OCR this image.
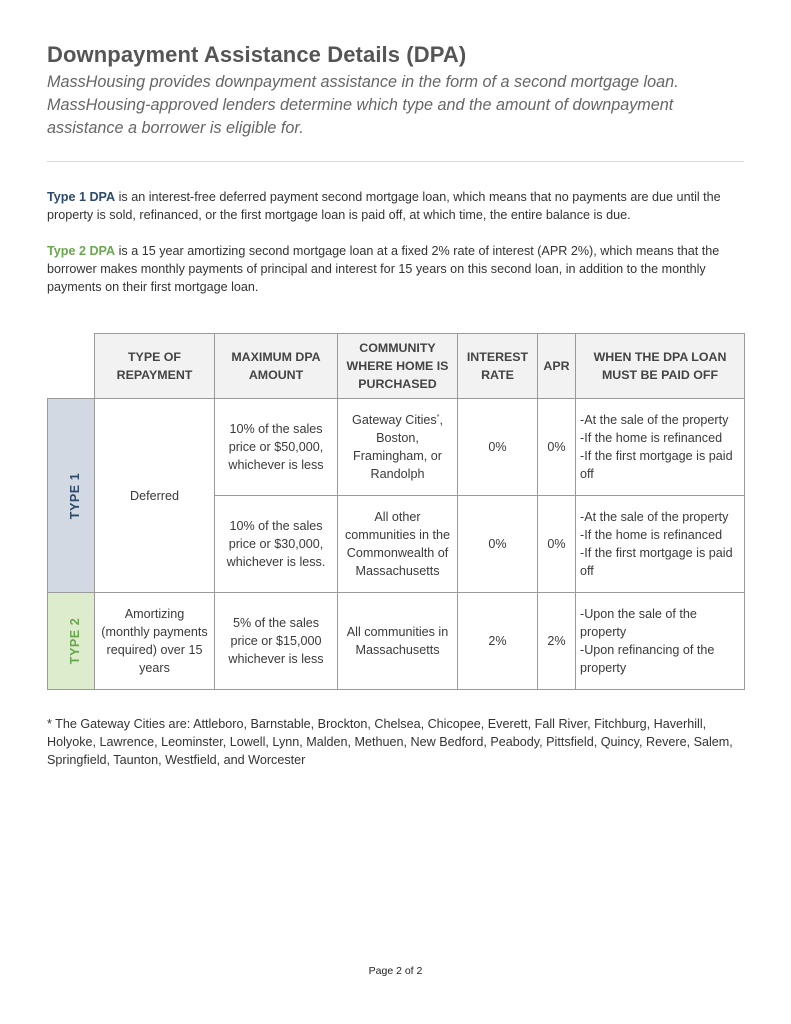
Downpayment Assistance Details (DPA)
MassHousing provides downpayment assistance in the form of a second mortgage loan. MassHousing-approved lenders determine which type and the amount of downpayment assistance a borrower is eligible for.
Type 1 DPA is an interest-free deferred payment second mortgage loan, which means that no payments are due until the property is sold, refinanced, or the first mortgage loan is paid off, at which time, the entire balance is due.
Type 2 DPA is a 15 year amortizing second mortgage loan at a fixed 2% rate of interest (APR 2%), which means that the borrower makes monthly payments of principal and interest for 15 years on this second loan, in addition to the monthly payments on their first mortgage loan.
	TYPE OF REPAYMENT	MAXIMUM DPA AMOUNT	COMMUNITY WHERE HOME IS PURCHASED	INTEREST RATE	APR	WHEN THE DPA LOAN MUST BE PAID OFF
TYPE 1	Deferred	10% of the sales price or $50,000, whichever is less	Gateway Cities*, Boston, Framingham, or Randolph	0%	0%	-At the sale of the property
-If the home is refinanced
-If the first mortgage is paid off

		10% of the sales price or $30,000, whichever is less.	All other communities in the Commonwealth of Massachusetts	0%	0%	-At the sale of the property
-If the home is refinanced
-If the first mortgage is paid off

TYPE 2	Amortizing (monthly payments required) over 15 years	5% of the sales price or $15,000 whichever is less	All communities in Massachusetts	2%	2%	-Upon the sale of the property
-Upon refinancing of the property
* The Gateway Cities are: Attleboro, Barnstable, Brockton, Chelsea, Chicopee, Everett, Fall River, Fitchburg, Haverhill, Holyoke, Lawrence, Leominster, Lowell, Lynn, Malden, Methuen, New Bedford, Peabody, Pittsfield, Quincy, Revere, Salem, Springfield, Taunton, Westfield, and Worcester
Page 2 of 2
